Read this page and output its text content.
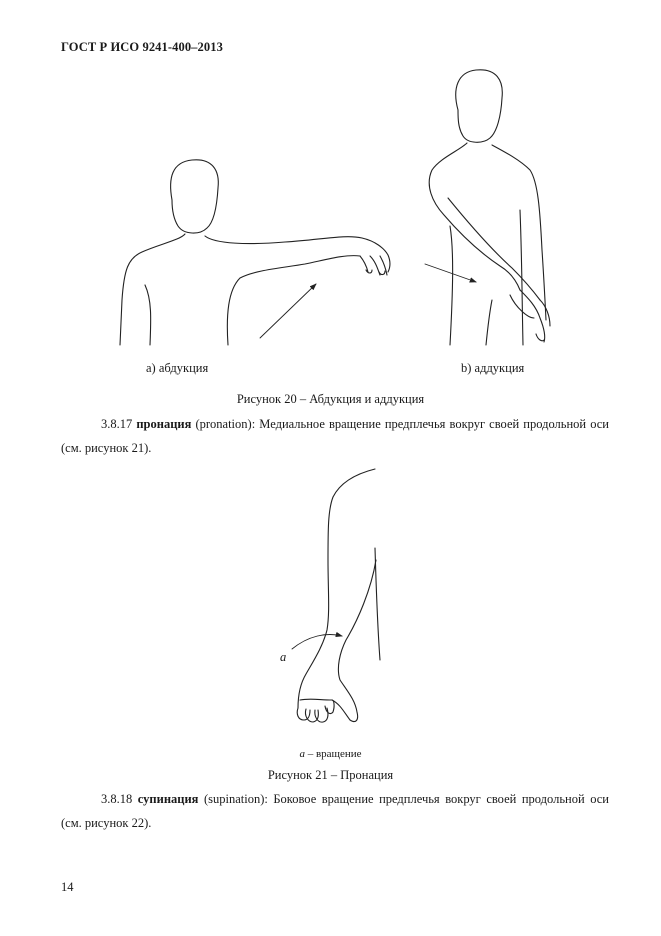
ГОСТ Р ИСО 9241-400–2013
a) абдукция	b) аддукция
Рисунок 20 – Абдукция и аддукция
3.8.17 пронация (pronation): Медиальное вращение предплечья вокруг своей продольной оси (см. рисунок 21).
a
a – вращение
Рисунок 21 – Пронация
3.8.18 супинация (supination): Боковое вращение предплечья вокруг своей продольной оси (см. рисунок 22).
14
